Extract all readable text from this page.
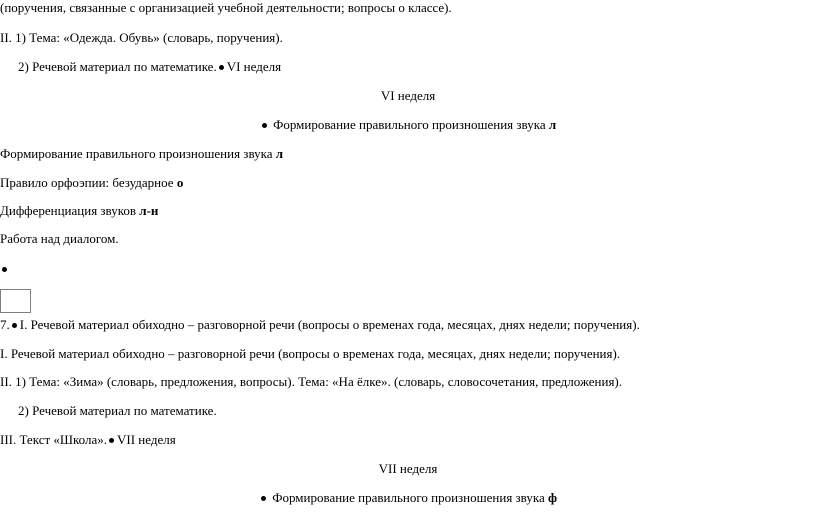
(поручения, связанные с организацией учебной деятельности; вопросы о классе).
II. 1) Тема: «Одежда. Обувь» (словарь, поручения).
2) Речевой материал по математике. VI неделя
VI неделя
Формирование правильного произношения звука л
Формирование правильного произношения звука л
Правило орфоэпии: безударное о
Дифференциация звуков л-н
Работа над диалогом.
7. I. Речевой материал обиходно – разговорной речи (вопросы о временах года, месяцах, днях недели; поручения).
I. Речевой материал обиходно – разговорной речи (вопросы о временах года, месяцах, днях недели; поручения).
II. 1) Тема: «Зима» (словарь, предложения, вопросы). Тема: «На ёлке». (словарь, словосочетания, предложения).
2) Речевой материал по математике.
III. Текст «Школа». VII неделя
VII неделя
Формирование правильного произношения звука ф
